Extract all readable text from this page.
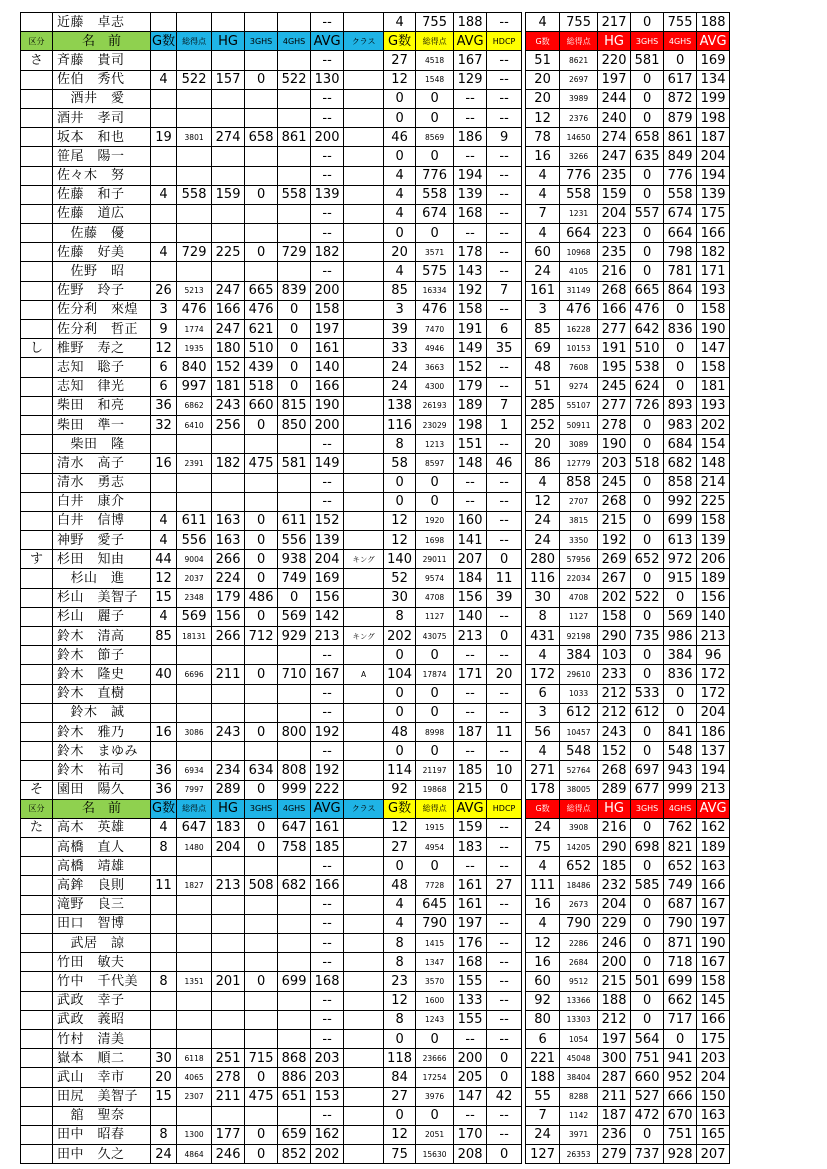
	近藤　卓志						--		4	755	188	--		4	755	217	0	755	188
区分	名　前	G数	総得点	HG	3GHS	4GHS	AVG	クラス	G数	総得点	AVG	HDCP		G数	総得点	HG	3GHS	4GHS	AVG
さ	斉藤　貴司						--		27	4518	167	--		51	8621	220	581	0	169
	佐伯　秀代	4	522	157	0	522	130		12	1548	129	--		20	2697	197	0	617	134
	　酒井　愛						--		0	0	--	--		20	3989	244	0	872	199
	酒井　孝司						--		0	0	--	--		12	2376	240	0	879	198
	坂本　和也	19	3801	274	658	861	200		46	8569	186	9		78	14650	274	658	861	187
	笹尾　陽一						--		0	0	--	--		16	3266	247	635	849	204
	佐々木　努						--		4	776	194	--		4	776	235	0	776	194
	佐藤　和子	4	558	159	0	558	139		4	558	139	--		4	558	159	0	558	139
	佐藤　道広						--		4	674	168	--		7	1231	204	557	674	175
	　佐藤　優						--		0	0	--	--		4	664	223	0	664	166
	佐藤　好美	4	729	225	0	729	182		20	3571	178	--		60	10968	235	0	798	182
	　佐野　昭						--		4	575	143	--		24	4105	216	0	781	171
	佐野　玲子	26	5213	247	665	839	200		85	16334	192	7		161	31149	268	665	864	193
	佐分利　來煌	3	476	166	476	0	158		3	476	158	--		3	476	166	476	0	158
	佐分利　哲正	9	1774	247	621	0	197		39	7470	191	6		85	16228	277	642	836	190
し	椎野　寿之	12	1935	180	510	0	161		33	4946	149	35		69	10153	191	510	0	147
	志知　聡子	6	840	152	439	0	140		24	3663	152	--		48	7608	195	538	0	158
	志知　律光	6	997	181	518	0	166		24	4300	179	--		51	9274	245	624	0	181
	柴田　和亮	36	6862	243	660	815	190		138	26193	189	7		285	55107	277	726	893	193
	柴田　準一	32	6410	256	0	850	200		116	23029	198	1		252	50911	278	0	983	202
	　柴田　隆						--		8	1213	151	--		20	3089	190	0	684	154
	清水　高子	16	2391	182	475	581	149		58	8597	148	46		86	12779	203	518	682	148
	清水　勇志						--		0	0	--	--		4	858	245	0	858	214
	白井　康介						--		0	0	--	--		12	2707	268	0	992	225
	白井　信博	4	611	163	0	611	152		12	1920	160	--		24	3815	215	0	699	158
	神野　愛子	4	556	163	0	556	139		12	1698	141	--		24	3350	192	0	613	139
す	杉田　知由	44	9004	266	0	938	204	キング	140	29011	207	0		280	57956	269	652	972	206
	　杉山　進	12	2037	224	0	749	169		52	9574	184	11		116	22034	267	0	915	189
	杉山　美智子	15	2348	179	486	0	156		30	4708	156	39		30	4708	202	522	0	156
	杉山　麗子	4	569	156	0	569	142		8	1127	140	--		8	1127	158	0	569	140
	鈴木　清高	85	18131	266	712	929	213	キング	202	43075	213	0		431	92198	290	735	986	213
	鈴木　節子						--		0	0	--	--		4	384	103	0	384	96
	鈴木　隆史	40	6696	211	0	710	167	A	104	17874	171	20		172	29610	233	0	836	172
	鈴木　直樹						--		0	0	--	--		6	1033	212	533	0	172
	　鈴木　誠						--		0	0	--	--		3	612	212	612	0	204
	鈴木　雅乃	16	3086	243	0	800	192		48	8998	187	11		56	10457	243	0	841	186
	鈴木　まゆみ						--		0	0	--	--		4	548	152	0	548	137
	鈴木　祐司	36	6934	234	634	808	192		114	21197	185	10		271	52764	268	697	943	194
そ	園田　陽久	36	7997	289	0	999	222		92	19868	215	0		178	38005	289	677	999	213
区分	名　前	G数	総得点	HG	3GHS	4GHS	AVG	クラス	G数	総得点	AVG	HDCP		G数	総得点	HG	3GHS	4GHS	AVG
た	高木　英雄	4	647	183	0	647	161		12	1915	159	--		24	3908	216	0	762	162
	高橋　直人	8	1480	204	0	758	185		27	4954	183	--		75	14205	290	698	821	189
	高橋　靖雄						--		0	0	--	--		4	652	185	0	652	163
	高鉾　良則	11	1827	213	508	682	166		48	7728	161	27		111	18486	232	585	749	166
	滝野　良三						--		4	645	161	--		16	2673	204	0	687	167
	田口　智博						--		4	790	197	--		4	790	229	0	790	197
	　武居　諒						--		8	1415	176	--		12	2286	246	0	871	190
	竹田　敏夫						--		8	1347	168	--		16	2684	200	0	718	167
	竹中　千代美	8	1351	201	0	699	168		23	3570	155	--		60	9512	215	501	699	158
	武政　幸子						--		12	1600	133	--		92	13366	188	0	662	145
	武政　義昭						--		8	1243	155	--		80	13303	212	0	717	166
	竹村　清美						--		0	0	--	--		6	1054	197	564	0	175
	嶽本　順二	30	6118	251	715	868	203		118	23666	200	0		221	45048	300	751	941	203
	武山　幸市	20	4065	278	0	886	203		84	17254	205	0		188	38404	287	660	952	204
	田尻　美智子	15	2307	211	475	651	153		27	3976	147	42		55	8288	211	527	666	150
	　舘　聖奈						--		0	0	--	--		7	1142	187	472	670	163
	田中　昭春	8	1300	177	0	659	162		12	2051	170	--		24	3971	236	0	751	165
	田中　久之	24	4864	246	0	852	202		75	15630	208	0		127	26353	279	737	928	207
